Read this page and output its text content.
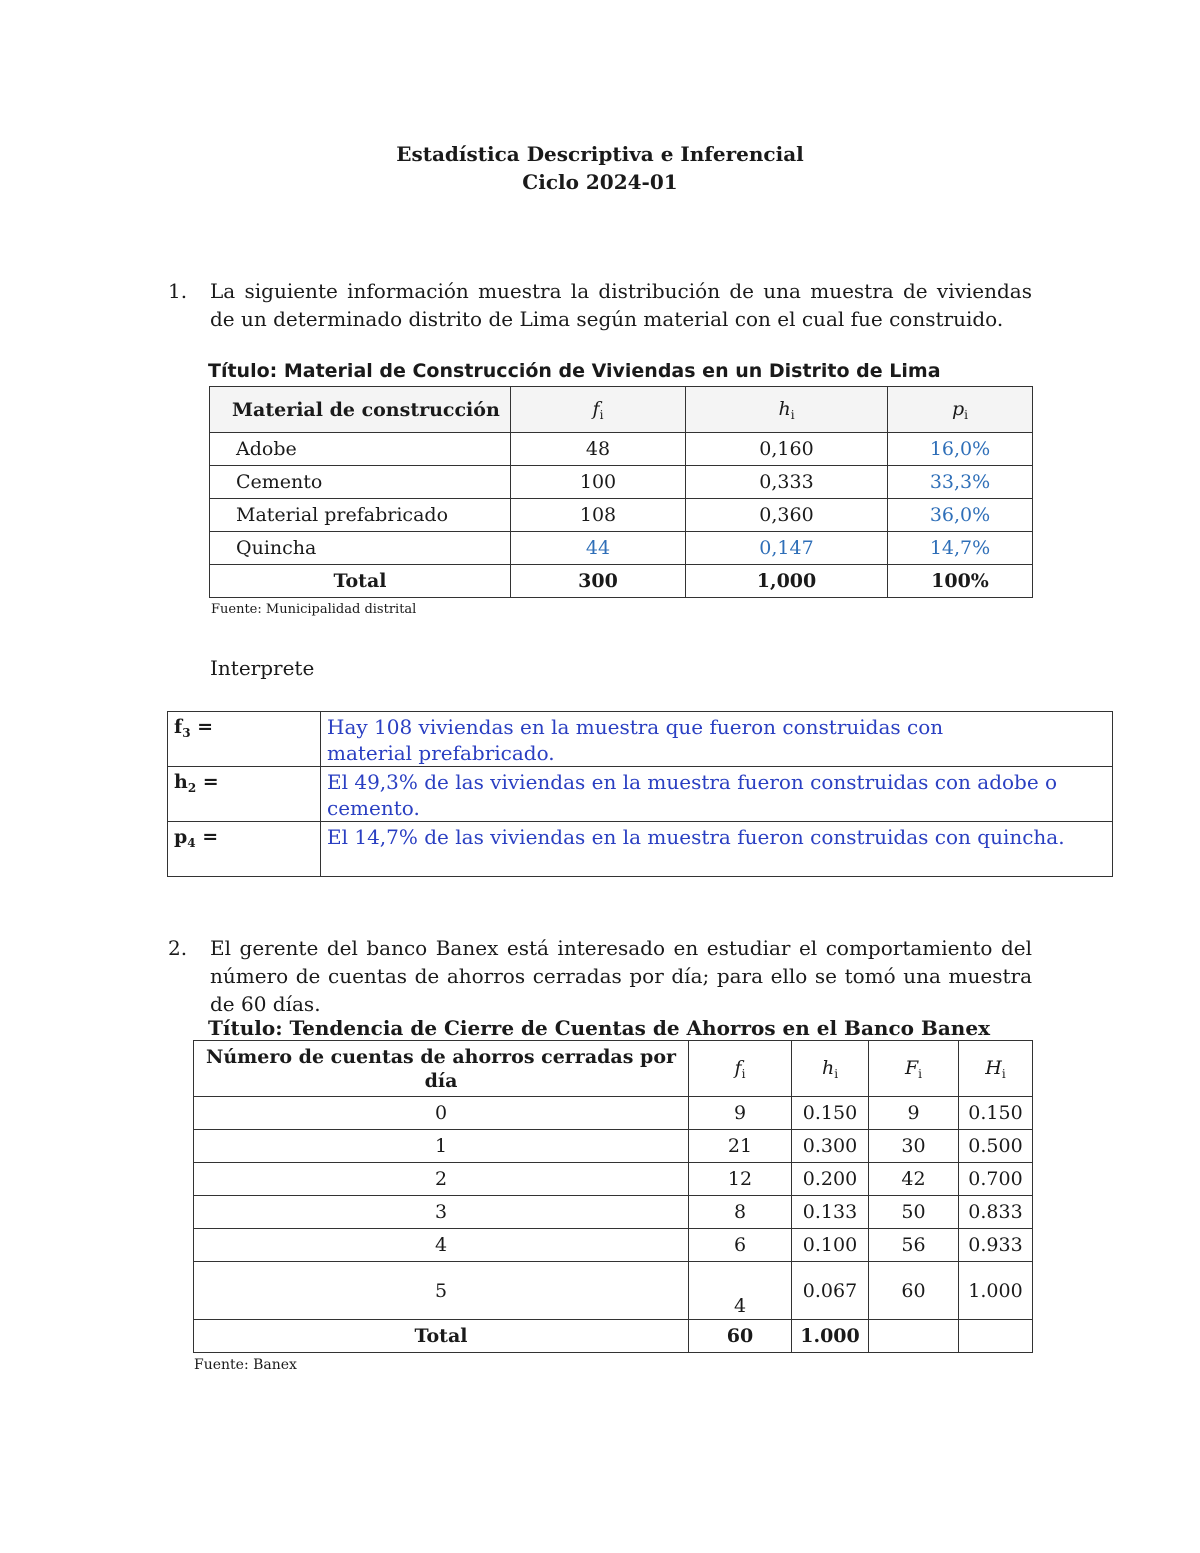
Estadística Descriptiva e Inferencial
Ciclo 2024-01
1. La siguiente información muestra la distribución de una muestra de viviendas de un determinado distrito de Lima según material con el cual fue construido.
Título: Material de Construcción de Viviendas en un Distrito de Lima
Material de construcción	$f_i$	$h_i$	$p_i$
Adobe	48	0,160	16,0%
Cemento	100	0,333	33,3%
Material prefabricado	108	0,360	36,0%
Quincha	44	0,147	14,7%
Total	300	1,000	100%
Fuente: Municipalidad distrital
Interprete
$f_3$ =	Hay 108 viviendas en la muestra que fueron construidas con material prefabricado.
$h_2$ =	El 49,3% de las viviendas en la muestra fueron construidas con adobe o cemento.
$p_4$ =	El 14,7% de las viviendas en la muestra fueron construidas con quincha.
2. El gerente del banco Banex está interesado en estudiar el comportamiento del número de cuentas de ahorros cerradas por día; para ello se tomó una muestra de 60 días.
Título: Tendencia de Cierre de Cuentas de Ahorros en el Banco Banex
Número de cuentas de ahorros cerradas por día	$f_i$	$h_i$	$F_i$	$H_i$
0	9	0.150	9	0.150
1	21	0.300	30	0.500
2	12	0.200	42	0.700
3	8	0.133	50	0.833
4	6	0.100	56	0.933
5	4	0.067	60	1.000
Total	60	1.000		
Fuente: Banex
